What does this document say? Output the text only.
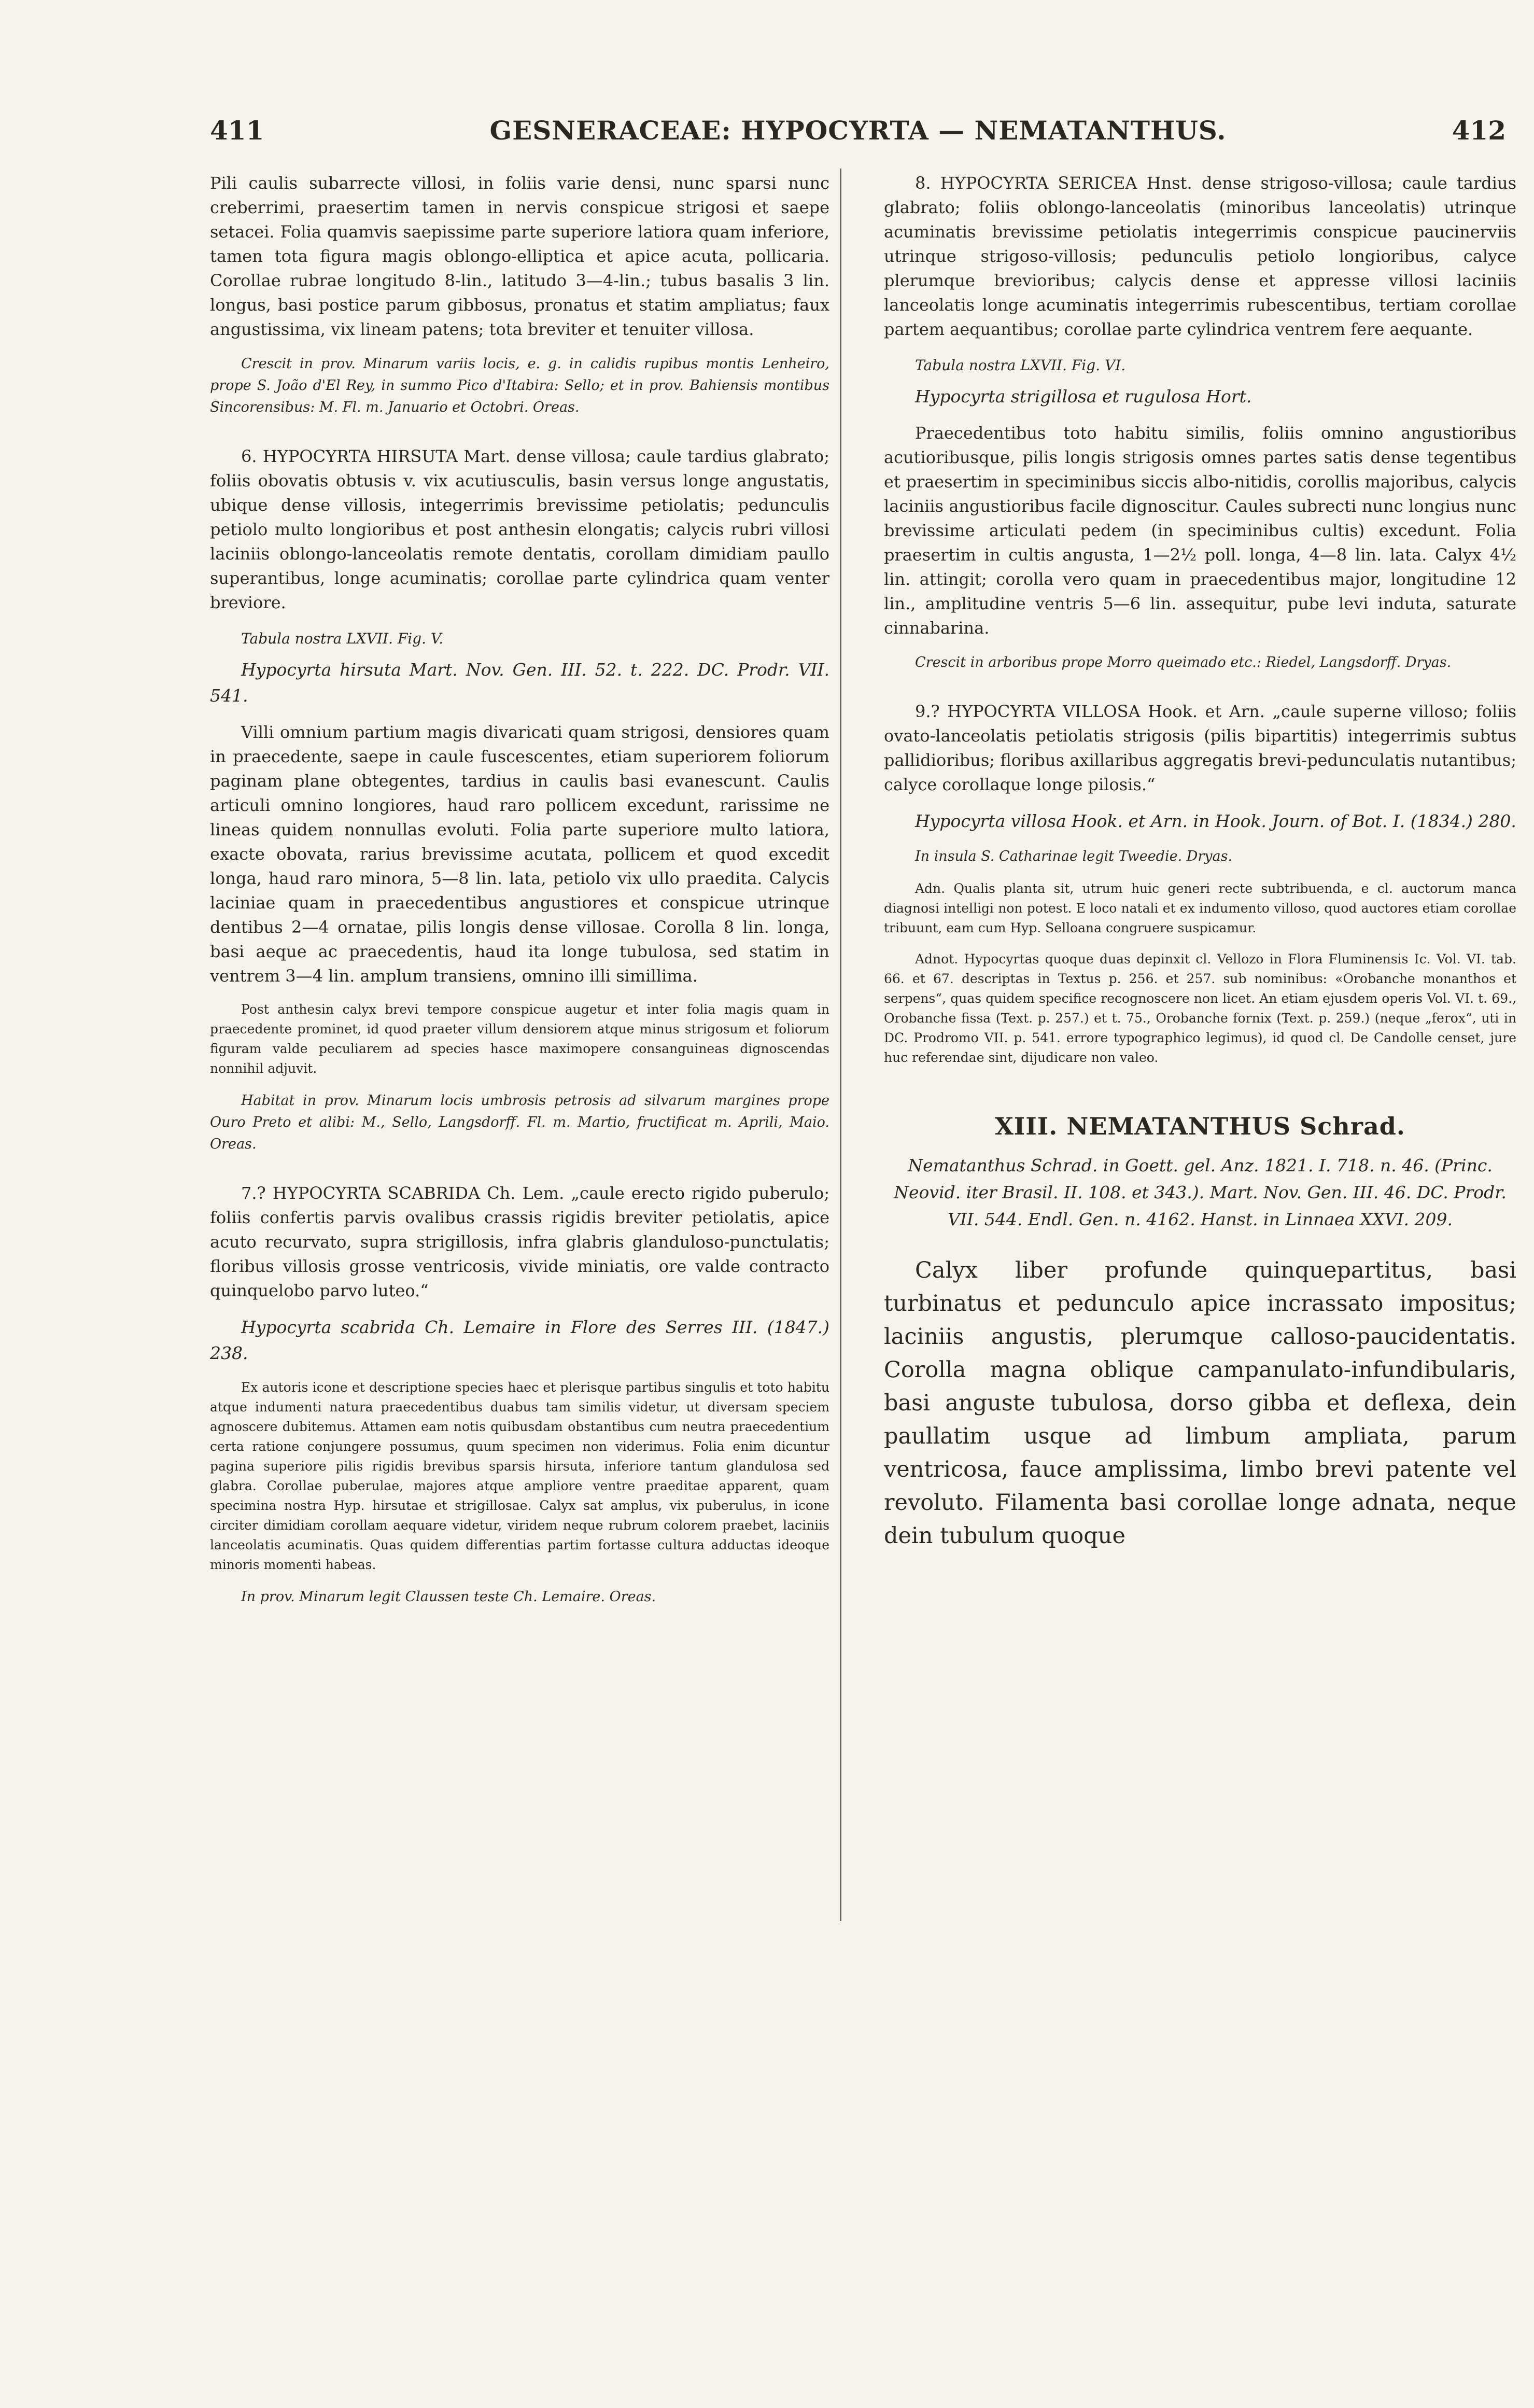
411	GESNERACEAE: HYPOCYRTA — NEMATANTHUS.	412

Pili caulis subarrecte villosi, in foliis varie densi, nunc sparsi nunc creberrimi, praesertim tamen in nervis conspicue strigosi et saepe setacei. Folia quamvis saepissime parte superiore latiora quam inferiore, tamen tota figura magis oblongo-elliptica et apice acuta, pollicaria. Corollae rubrae longitudo 8-lin., latitudo 3—4-lin.; tubus basalis 3 lin. longus, basi postice parum gibbosus, pronatus et statim ampliatus; faux angustissima, vix lineam patens; tota breviter et tenuiter villosa.

Crescit in prov. Minarum variis locis, e. g. in calidis rupibus montis Lenheiro, prope S. João d'El Rey, in summo Pico d'Itabira: Sello; et in prov. Bahiensis montibus Sincorensibus: M. Fl. m. Januario et Octobri. Oreas.

6. HYPOCYRTA HIRSUTA Mart. dense villosa; caule tardius glabrato; foliis obovatis obtusis v. vix acutiusculis, basin versus longe angustatis, ubique dense villosis, integerrimis brevissime petiolatis; pedunculis petiolo multo longioribus et post anthesin elongatis; calycis rubri villosi laciniis oblongo-lanceolatis remote dentatis, corollam dimidiam paullo superantibus, longe acuminatis; corollae parte cylindrica quam venter breviore.

Tabula nostra LXVII. Fig. V.

Hypocyrta hirsuta Mart. Nov. Gen. III. 52. t. 222. DC. Prodr. VII. 541.

Villi omnium partium magis divaricati quam strigosi, densiores quam in praecedente, saepe in caule fuscescentes, etiam superiorem foliorum paginam plane obtegentes, tardius in caulis basi evanescunt. Caulis articuli omnino longiores, haud raro pollicem excedunt, rarissime ne lineas quidem nonnullas evoluti. Folia parte superiore multo latiora, exacte obovata, rarius brevissime acutata, pollicem et quod excedit longa, haud raro minora, 5—8 lin. lata, petiolo vix ullo praedita. Calycis laciniae quam in praecedentibus angustiores et conspicue utrinque dentibus 2—4 ornatae, pilis longis dense villosae. Corolla 8 lin. longa, basi aeque ac praecedentis, haud ita longe tubulosa, sed statim in ventrem 3—4 lin. amplum transiens, omnino illi simillima.

Post anthesin calyx brevi tempore conspicue augetur et inter folia magis quam in praecedente prominet, id quod praeter villum densiorem atque minus strigosum et foliorum figuram valde peculiarem ad species hasce maximopere consanguineas dignoscendas nonnihil adjuvit.

Habitat in prov. Minarum locis umbrosis petrosis ad silvarum margines prope Ouro Preto et alibi: M., Sello, Langsdorff. Fl. m. Martio, fructificat m. Aprili, Maio. Oreas.

7.? HYPOCYRTA SCABRIDA Ch. Lem. „caule erecto rigido puberulo; foliis confertis parvis ovalibus crassis rigidis breviter petiolatis, apice acuto recurvato, supra strigillosis, infra glabris glanduloso-punctulatis; floribus villosis grosse ventricosis, vivide miniatis, ore valde contracto quinquelobo parvo luteo.“

Hypocyrta scabrida Ch. Lemaire in Flore des Serres III. (1847.) 238.

Ex autoris icone et descriptione species haec et plerisque partibus singulis et toto habitu atque indumenti natura praecedentibus duabus tam similis videtur, ut diversam speciem agnoscere dubitemus. Attamen eam notis quibusdam obstantibus cum neutra praecedentium certa ratione conjungere possumus, quum specimen non viderimus. Folia enim dicuntur pagina superiore pilis rigidis brevibus sparsis hirsuta, inferiore tantum glandulosa sed glabra. Corollae puberulae, majores atque ampliore ventre praeditae apparent, quam specimina nostra Hyp. hirsutae et strigillosae. Calyx sat amplus, vix puberulus, in icone circiter dimidiam corollam aequare videtur, viridem neque rubrum colorem praebet, laciniis lanceolatis acuminatis. Quas quidem differentias partim fortasse cultura adductas ideoque minoris momenti habeas.

In prov. Minarum legit Claussen teste Ch. Lemaire. Oreas.

8. HYPOCYRTA SERICEA Hnst. dense strigoso-villosa; caule tardius glabrato; foliis oblongo-lanceolatis (minoribus lanceolatis) utrinque acuminatis brevissime petiolatis integerrimis conspicue paucinerviis utrinque strigoso-villosis; pedunculis petiolo longioribus, calyce plerumque brevioribus; calycis dense et appresse villosi laciniis lanceolatis longe acuminatis integerrimis rubescentibus, tertiam corollae partem aequantibus; corollae parte cylindrica ventrem fere aequante.

Tabula nostra LXVII. Fig. VI.

Hypocyrta strigillosa et rugulosa Hort.

Praecedentibus toto habitu similis, foliis omnino angustioribus acutioribusque, pilis longis strigosis omnes partes satis dense tegentibus et praesertim in speciminibus siccis albo-nitidis, corollis majoribus, calycis laciniis angustioribus facile dignoscitur. Caules subrecti nunc longius nunc brevissime articulati pedem (in speciminibus cultis) excedunt. Folia praesertim in cultis angusta, 1—2½ poll. longa, 4—8 lin. lata. Calyx 4½ lin. attingit; corolla vero quam in praecedentibus major, longitudine 12 lin., amplitudine ventris 5—6 lin. assequitur, pube levi induta, saturate cinnabarina.

Crescit in arboribus prope Morro queimado etc.: Riedel, Langsdorff. Dryas.

9.? HYPOCYRTA VILLOSA Hook. et Arn. „caule superne villoso; foliis ovato-lanceolatis petiolatis strigosis (pilis bipartitis) integerrimis subtus pallidioribus; floribus axillaribus aggregatis brevi-pedunculatis nutantibus; calyce corollaque longe pilosis.“

Hypocyrta villosa Hook. et Arn. in Hook. Journ. of Bot. I. (1834.) 280.

In insula S. Catharinae legit Tweedie. Dryas.

Adn. Qualis planta sit, utrum huic generi recte subtribuenda, e cl. auctorum manca diagnosi intelligi non potest. E loco natali et ex indumento villoso, quod auctores etiam corollae tribuunt, eam cum Hyp. Selloana congruere suspicamur.

Adnot. Hypocyrtas quoque duas depinxit cl. Vellozo in Flora Fluminensis Ic. Vol. VI. tab. 66. et 67. descriptas in Textus p. 256. et 257. sub nominibus: «Orobanche monanthos et serpens“, quas quidem specifice recognoscere non licet. An etiam ejusdem operis Vol. VI. t. 69., Orobanche fissa (Text. p. 257.) et t. 75., Orobanche fornix (Text. p. 259.) (neque „ferox“, uti in DC. Prodromo VII. p. 541. errore typographico legimus), id quod cl. De Candolle censet, jure huc referendae sint, dijudicare non valeo.

XIII. NEMATANTHUS Schrad.

Nematanthus Schrad. in Goett. gel. Anz. 1821. I. 718. n. 46. (Princ. Neovid. iter Brasil. II. 108. et 343.). Mart. Nov. Gen. III. 46. DC. Prodr. VII. 544. Endl. Gen. n. 4162. Hanst. in Linnaea XXVI. 209.

Calyx liber profunde quinquepartitus, basi turbinatus et pedunculo apice incrassato impositus; laciniis angustis, plerumque calloso-paucidentatis. Corolla magna oblique campanulato-infundibularis, basi anguste tubulosa, dorso gibba et deflexa, dein paullatim usque ad limbum ampliata, parum ventricosa, fauce amplissima, limbo brevi patente vel revoluto. Filamenta basi corollae longe adnata, neque dein tubulum quoque
